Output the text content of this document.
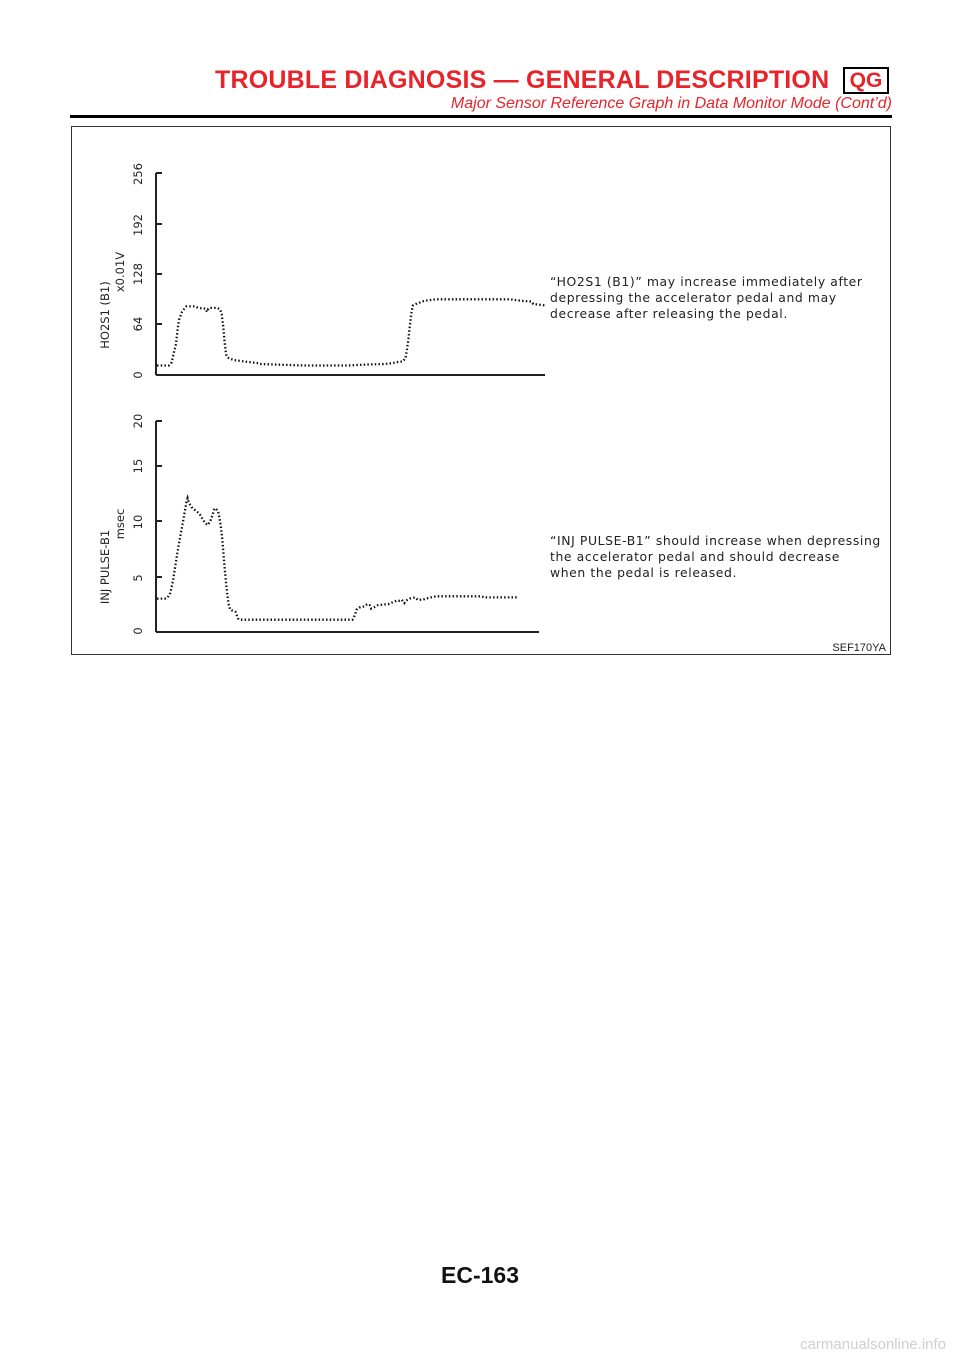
TROUBLE DIAGNOSIS — GENERAL DESCRIPTION QG
Major Sensor Reference Graph in Data Monitor Mode (Cont’d)
HO2S1 (B1)
x0.01V
0
64
128
192
256
INJ PULSE-B1
msec
0
5
10
15
20
“HO2S1 (B1)” may increase immediately after
depressing the accelerator pedal and may
decrease after releasing the pedal.
“INJ PULSE-B1” should increase when depressing
the accelerator pedal and should decrease
when the pedal is released.
SEF170YA
EC-163
carmanualsonline.info
